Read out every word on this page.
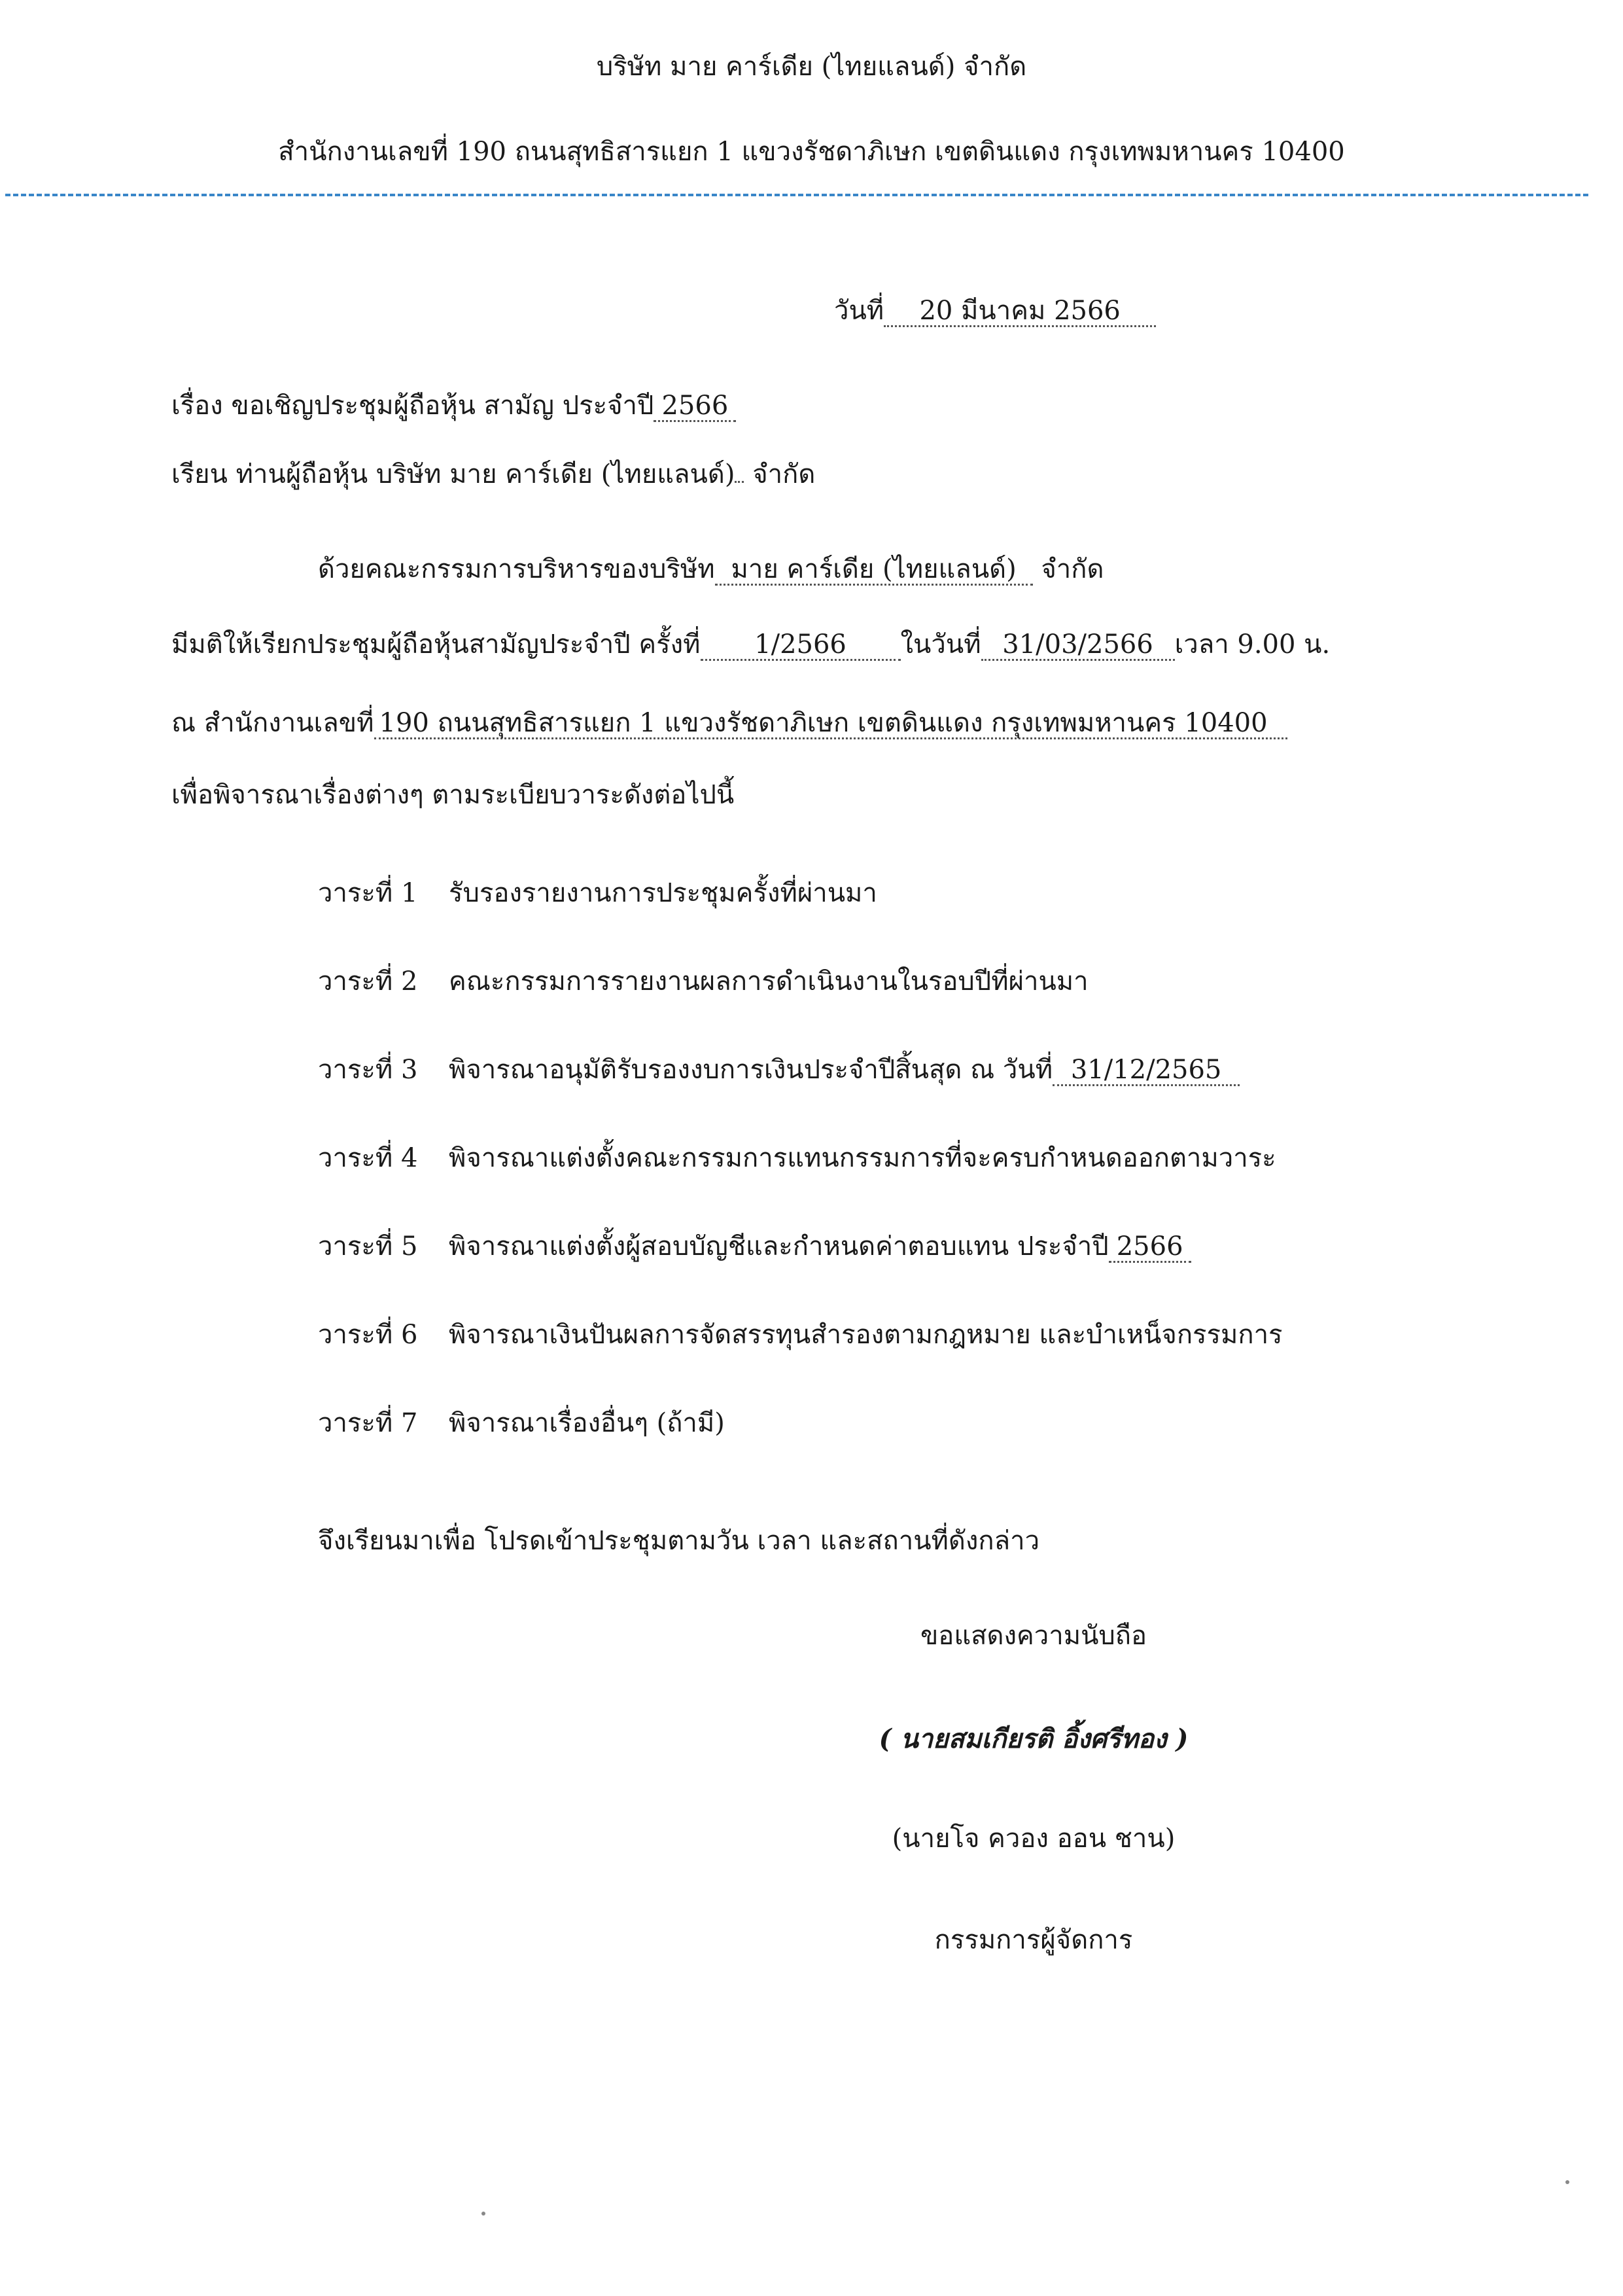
บริษัท มาย คาร์เดีย (ไทยแลนด์) จำกัด
สำนักงานเลขที่ 190 ถนนสุทธิสารแยก 1 แขวงรัชดาภิเษก เขตดินแดง กรุงเทพมหานคร 10400
วันที่ 20 มีนาคม 2566
เรื่อง ขอเชิญประชุมผู้ถือหุ้น สามัญ ประจำปี 2566
เรียน ท่านผู้ถือหุ้น บริษัท มาย คาร์เดีย (ไทยแลนด์) จำกัด
ด้วยคณะกรรมการบริหารของบริษัท มาย คาร์เดีย (ไทยแลนด์) จำกัด
มีมติให้เรียกประชุมผู้ถือหุ้นสามัญประจำปี ครั้งที่ 1/2566 ในวันที่ 31/03/2566 เวลา 9.00 น.
ณ สำนักงานเลขที่ 190 ถนนสุทธิสารแยก 1 แขวงรัชดาภิเษก เขตดินแดง กรุงเทพมหานคร 10400
เพื่อพิจารณาเรื่องต่างๆ ตามระเบียบวาระดังต่อไปนี้
วาระที่ 1 รับรองรายงานการประชุมครั้งที่ผ่านมา
วาระที่ 2 คณะกรรมการรายงานผลการดำเนินงานในรอบปีที่ผ่านมา
วาระที่ 3 พิจารณาอนุมัติรับรองงบการเงินประจำปีสิ้นสุด ณ วันที่ 31/12/2565
วาระที่ 4 พิจารณาแต่งตั้งคณะกรรมการแทนกรรมการที่จะครบกำหนดออกตามวาระ
วาระที่ 5 พิจารณาแต่งตั้งผู้สอบบัญชีและกำหนดค่าตอบแทน ประจำปี 2566
วาระที่ 6 พิจารณาเงินปันผลการจัดสรรทุนสำรองตามกฎหมาย และบำเหน็จกรรมการ
วาระที่ 7 พิจารณาเรื่องอื่นๆ (ถ้ามี)
จึงเรียนมาเพื่อ โปรดเข้าประชุมตามวัน เวลา และสถานที่ดังกล่าว
ขอแสดงความนับถือ
( นายสมเกียรติ อิ้งศรีทอง )
(นายโจ ควอง ออน ชาน)
กรรมการผู้จัดการ
